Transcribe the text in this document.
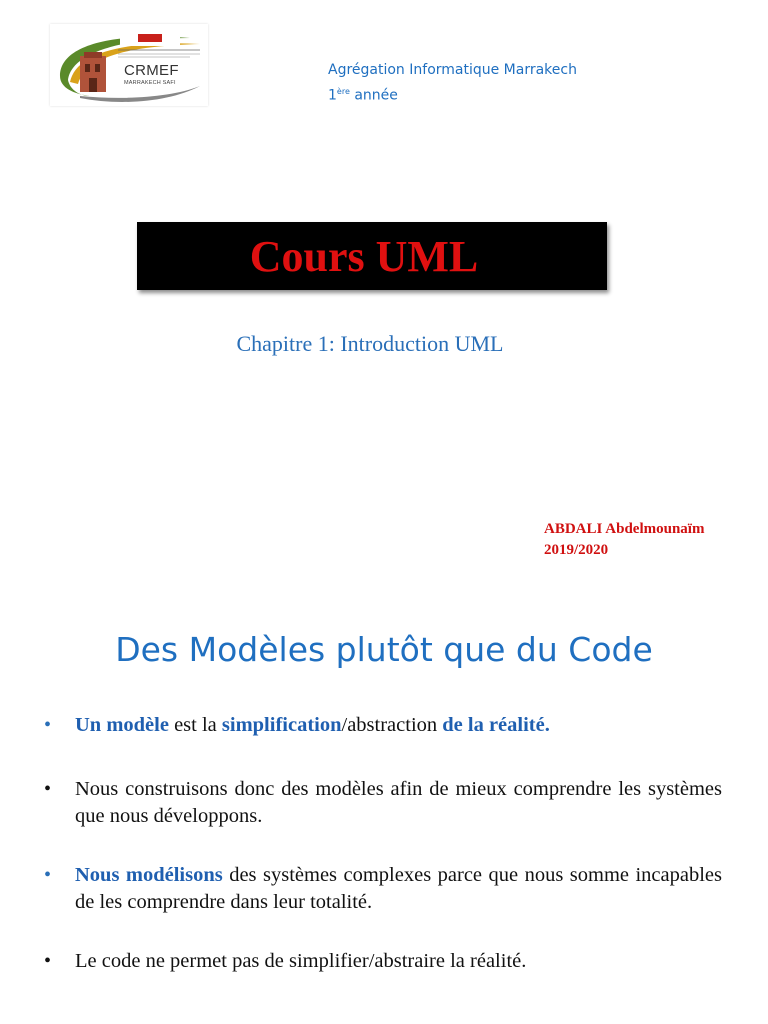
CRMEF
MARRAKECH SAFI
Agrégation Informatique Marrakech
1ère année
Cours UML
Chapitre 1: Introduction UML
ABDALI Abdelmounaïm
2019/2020
Des Modèles plutôt que du Code
• Un modèle est la simplification/abstraction de la réalité.
• Nous construisons donc des modèles afin de mieux comprendre les systèmes que nous développons.
• Nous modélisons des systèmes complexes parce que nous somme incapables de les comprendre dans leur totalité.
• Le code ne permet pas de simplifier/abstraire la réalité.
